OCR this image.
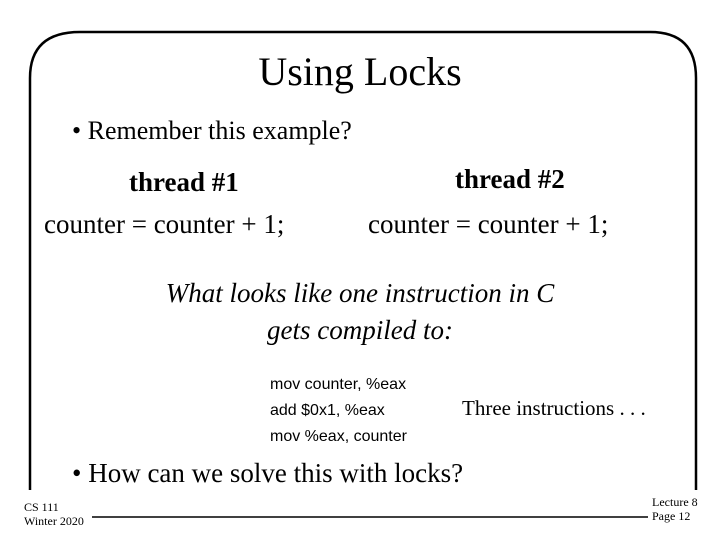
Using Locks
• Remember this example?
thread #1
counter = counter + 1;
thread #2
counter = counter + 1;
What looks like one instruction in C
gets compiled to:
mov counter, %eax
add $0x1, %eax
mov %eax, counter
Three instructions . . .
• How can we solve this with locks?
CS 111
Winter 2020
Lecture 8
Page 12
